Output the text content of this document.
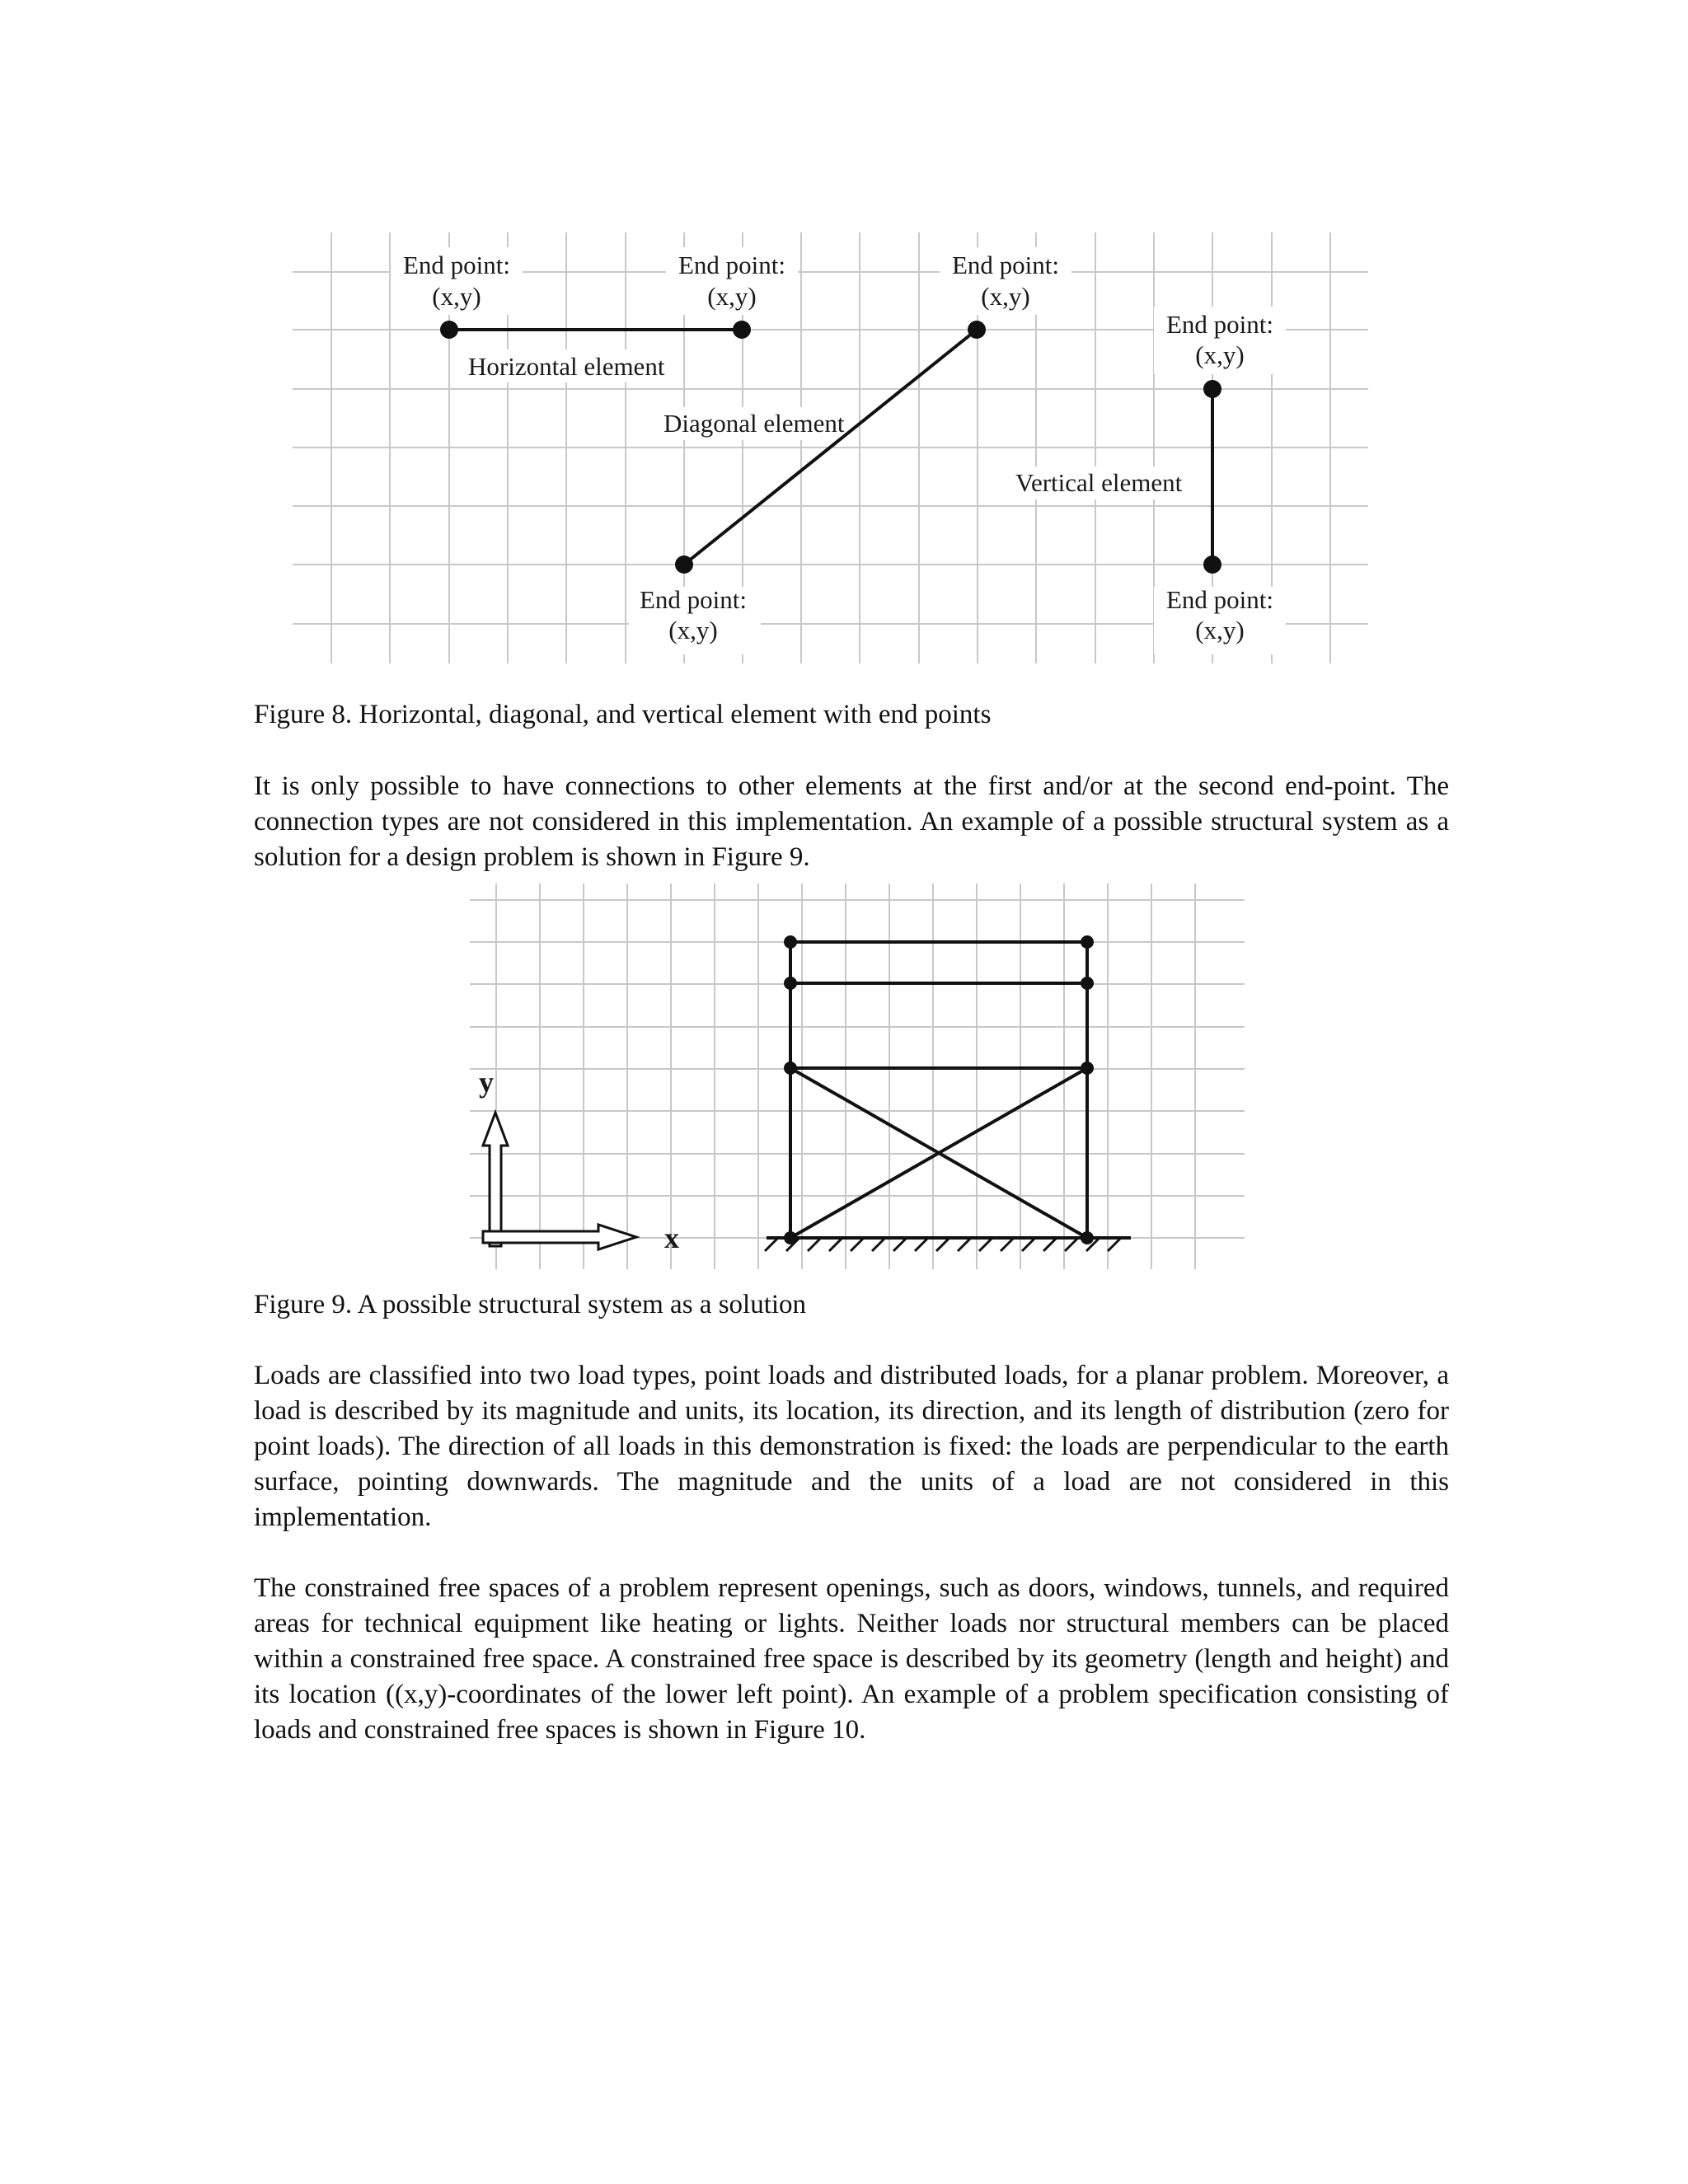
End point:
(x,y)
End point:
(x,y)
End point:
(x,y)
End point:
(x,y)
End point:
(x,y)
End point:
(x,y)
Horizontal element
Diagonal element
Vertical element
Figure 8. Horizontal, diagonal, and vertical element with end points
It is only possible to have connections to other elements at the first and/or at the second end-point. The connection types are not considered in this implementation. An example of a possible structural system as a solution for a design problem is shown in Figure 9.
y
x
Figure 9. A possible structural system as a solution
Loads are classified into two load types, point loads and distributed loads, for a planar problem. Moreover, a load is described by its magnitude and units, its location, its direction, and its length of distribution (zero for point loads). The direction of all loads in this demonstration is fixed: the loads are perpendicular to the earth surface, pointing downwards. The magnitude and the units of a load are not considered in this implementation.
The constrained free spaces of a problem represent openings, such as doors, windows, tunnels, and required areas for technical equipment like heating or lights. Neither loads nor structural members can be placed within a constrained free space. A constrained free space is described by its geometry (length and height) and its location ((x,y)-coordinates of the lower left point). An example of a problem specification consisting of loads and constrained free spaces is shown in Figure 10.
